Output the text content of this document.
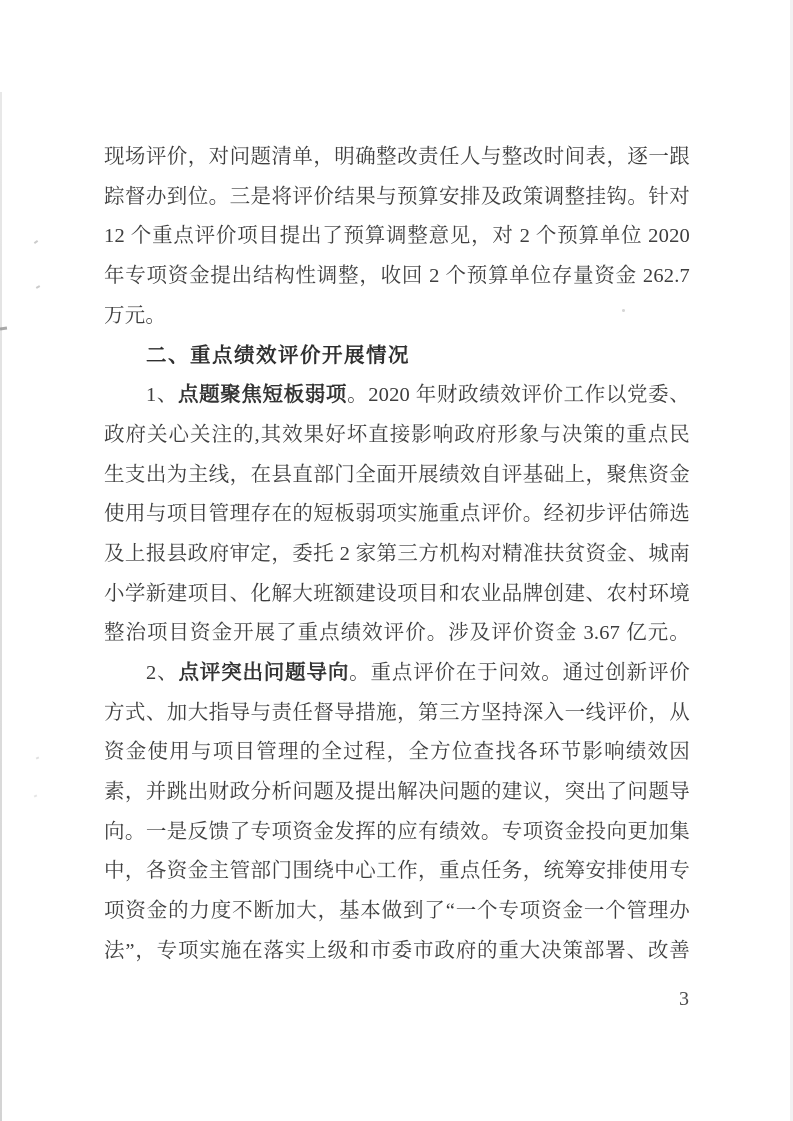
现场评价，对问题清单，明确整改责任人与整改时间表，逐一跟
踪督办到位。三是将评价结果与预算安排及政策调整挂钩。针对
12 个重点评价项目提出了预算调整意见，对 2 个预算单位 2020
年专项资金提出结构性调整，收回 2 个预算单位存量资金 262.7
万元。
二、重点绩效评价开展情况
1、点题聚焦短板弱项。2020 年财政绩效评价工作以党委、
政府关心关注的,其效果好坏直接影响政府形象与决策的重点民
生支出为主线，在县直部门全面开展绩效自评基础上，聚焦资金
使用与项目管理存在的短板弱项实施重点评价。经初步评估筛选
及上报县政府审定，委托 2 家第三方机构对精准扶贫资金、城南
小学新建项目、化解大班额建设项目和农业品牌创建、农村环境
整治项目资金开展了重点绩效评价。涉及评价资金 3.67 亿元。
2、点评突出问题导向。重点评价在于问效。通过创新评价
方式、加大指导与责任督导措施，第三方坚持深入一线评价，从
资金使用与项目管理的全过程，全方位查找各环节影响绩效因
素，并跳出财政分析问题及提出解决问题的建议，突出了问题导
向。一是反馈了专项资金发挥的应有绩效。专项资金投向更加集
中，各资金主管部门围绕中心工作，重点任务，统筹安排使用专
项资金的力度不断加大，基本做到了“一个专项资金一个管理办
法”，专项实施在落实上级和市委市政府的重大决策部署、改善
3
